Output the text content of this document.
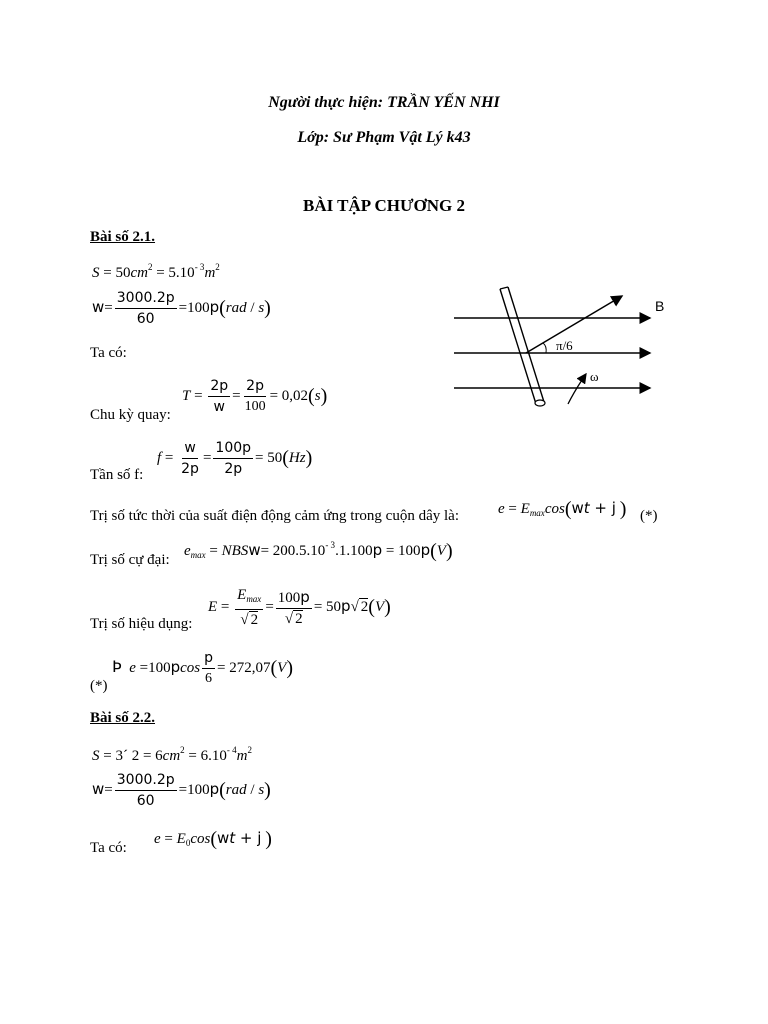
Người thực hiện: TRẦN YẾN NHI
Lớp: Sư Phạm Vật Lý k43
BÀI TẬP CHƯƠNG 2
Bài số 2.1.
$S = 50cm^2 = 5.10^{- 3}m^2$
$w= \frac{3000.2p}{60} =100p(rad / s)$
Ta có:
$T = \frac{2p}{w} = \frac{2p}{100} = 0,02(s)$
Chu kỳ quay:
$f = \frac{w}{2p} = \frac{100p}{2p} = 50(Hz)$
Tần số f:
Trị số tức thời của suất điện động cảm ứng trong cuộn dây là:	$e = E_{max}\cos(wt + j$ ) (*)
$e_{max}$ = NBSw= $200.5.10^{- 3}.1.100p = 100p(V)$
Trị số cự đại:
$E = \frac{E_{max}}{√ 2} = \frac{100p}{√ 2} = 50p√$ 2(V)
Trị số hiệu dụng:
Þ $e =100pcos \frac{p}{6} = 272,07(V)$
(*)
B
π/6
ω
Bài số 2.2.
S = 3´ $2 = 6cm^2 = 6.10^{- 4}m^2$
$w= \frac{3000.2p}{60} =100p(rad / s)$
$e = E_0\cos(wt + j$ )
Ta có:
